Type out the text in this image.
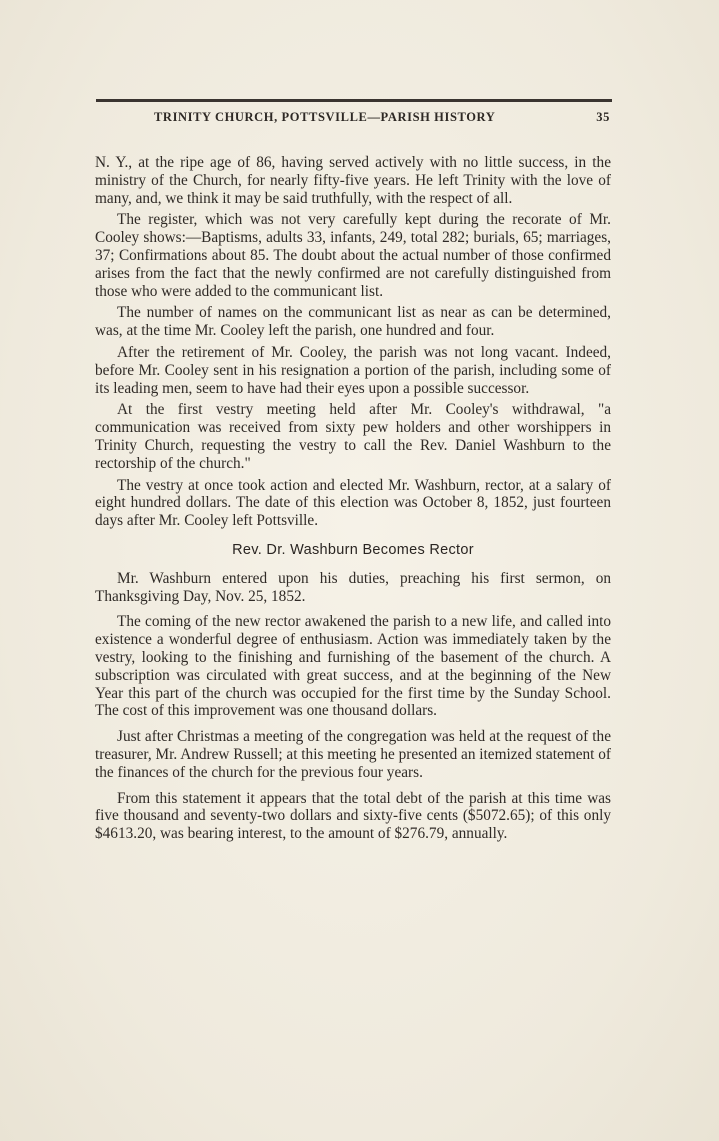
TRINITY CHURCH, POTTSVILLE—PARISH HISTORY	35

N. Y., at the ripe age of 86, having served actively with no little success, in the ministry of the Church, for nearly fifty-five years. He left Trinity with the love of many, and, we think it may be said truthfully, with the respect of all.

The register, which was not very carefully kept during the recorate of Mr. Cooley shows:—Baptisms, adults 33, infants, 249, total 282; burials, 65; marriages, 37; Confirmations about 85. The doubt about the actual number of those confirmed arises from the fact that the newly confirmed are not carefully distinguished from those who were added to the communicant list.

The number of names on the communicant list as near as can be determined, was, at the time Mr. Cooley left the parish, one hundred and four.

After the retirement of Mr. Cooley, the parish was not long vacant. Indeed, before Mr. Cooley sent in his resignation a portion of the parish, including some of its leading men, seem to have had their eyes upon a possible successor.

At the first vestry meeting held after Mr. Cooley's withdrawal, "a communication was received from sixty pew holders and other worshippers in Trinity Church, requesting the vestry to call the Rev. Daniel Washburn to the rectorship of the church."

The vestry at once took action and elected Mr. Washburn, rector, at a salary of eight hundred dollars. The date of this election was October 8, 1852, just fourteen days after Mr. Cooley left Pottsville.

Rev. Dr. Washburn Becomes Rector

Mr. Washburn entered upon his duties, preaching his first sermon, on Thanksgiving Day, Nov. 25, 1852.

The coming of the new rector awakened the parish to a new life, and called into existence a wonderful degree of enthusiasm. Action was immediately taken by the vestry, looking to the finishing and furnishing of the basement of the church. A subscription was circulated with great success, and at the beginning of the New Year this part of the church was occupied for the first time by the Sunday School. The cost of this improvement was one thousand dollars.

Just after Christmas a meeting of the congregation was held at the request of the treasurer, Mr. Andrew Russell; at this meeting he presented an itemized statement of the finances of the church for the previous four years.

From this statement it appears that the total debt of the parish at this time was five thousand and seventy-two dollars and sixty-five cents ($5072.65); of this only $4613.20, was bearing interest, to the amount of $276.79, annually.
